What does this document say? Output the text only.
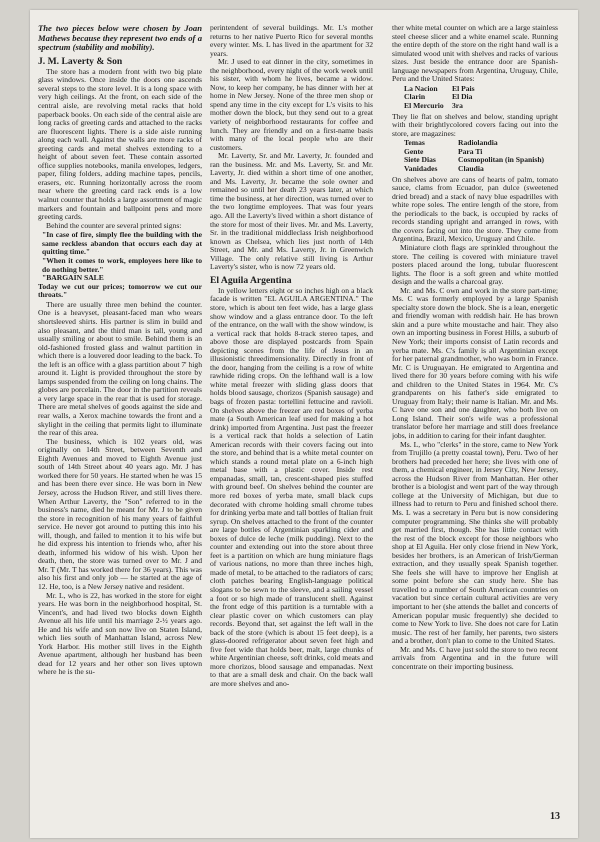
The two pieces below were chosen by Joan Mathews because they represent two ends of a spectrum (stability and mobility).

J. M. Laverty & Son

The store has a modern front with two big plate glass windows. Once inside the doors one ascends several steps to the store level. It is a long space with very high ceilings. At the front, on each side of the central aisle, are revolving metal racks that hold paperback books. On each side of the central aisle are long racks of greeting cards and attached to the racks are fluorescent lights. There is a side aisle running along each wall. Against the walls are more racks of greeting cards and metal shelves extending to a height of about seven feet. These contain assorted office supplies notebooks, manila envelopes, ledgers, paper, filing folders, adding machine tapes, pencils, erasers, etc. Running horizontally across the room near where the greeting card rack ends is a low walnut counter that holds a large assortment of magic markers and fountain and ballpoint pens and more greeting cards.

Behind the counter are several printed signs:

"In case of fire, simply flee the building with the same reckless abandon that occurs each day at quitting time."

"When it comes to work, employees here like to do nothing better."

"BARGAIN SALE

Today we cut our prices; tomorrow we cut our throats."

There are usually three men behind the counter. One is a heavyset, pleasant-faced man who wears shortsleeved shirts. His partner is slim in build and also pleasant, and the third man is tall, young and usually smiling or about to smile. Behind them is an old-fashioned frosted glass and walnut partition in which there is a louvered door leading to the back. To the left is an office with a glass partition about 7' high around it. Light is provided throughout the store by lamps suspended from the ceiling on long chains. The globes are porcelain. The door in the partition reveals a very large space in the rear that is used for storage. There are metal shelves of goods against the side and rear walls, a Xerox machine towards the front and a skylight in the ceiling that permits light to illuminate the rear of this area.

The business, which is 102 years old, was originally on 14th Street, between Seventh and Eighth Avenues and moved to Eighth Avenue just south of 14th Street about 40 years ago. Mr. J has worked there for 50 years. He started when he was 15 and has been there ever since. He was born in New Jersey, across the Hudson River, and still lives there. When Arthur Laverty, the "Son" referred to in the business's name, died he meant for Mr. J to be given the store in recognition of his many years of faithful service. He never got around to putting this into his will, though, and failed to mention it to his wife but he did express his intention to friends who, after his death, informed his widow of his wish. Upon her death, then, the store was turned over to Mr. J and Mr. T (Mr. T has worked there for 36 years). This was also his first and only job — he started at the age of 12. He, too, is a New Jersey native and resident.

Mr. L, who is 22, has worked in the store for eight years. He was born in the neighborhood hospital, St. Vincent's, and had lived two blocks down Eighth Avenue all his life until his marriage 2-½ years ago. He and his wife and son now live on Staten Island, which lies south of Manhattan Island, across New York Harbor. His mother still lives in the Eighth Avenue apartment, although her husband has been dead for 12 years and her other son lives uptown where he is the su-

perintendent of several buildings. Mr. L's mother returns to her native Puerto Rico for several months every winter. Ms. L has lived in the apartment for 32 years.

Mr. J used to eat dinner in the city, sometimes in the neighborhood, every night of the work week until his sister, with whom he lives, became a widow. Now, to keep her company, he has dinner with her at home in New Jersey. None of the three men shop or spend any time in the city except for L's visits to his mother down the block, but they send out to a great variety of neighborhood restaurants for coffee and lunch. They are friendly and on a first-name basis with many of the local people who are their customers.

Mr. Laverty, Sr. and Mr. Laverty, Jr. founded and ran the business. Mr. and Ms. Laverty, Sr. and Mr. Laverty, Jr. died within a short time of one another, and Ms. Laverty, Jr. became the sole owner and remained so until her death 23 years later, at which time the business, at her direction, was turned over to the two longtime employees. That was four years ago. All the Laverty's lived within a short distance of the store for most of their lives. Mr. and Ms. Laverty, Sr. in the traditional middleclass Irish neighborhood known as Chelsea, which lies just north of 14th Street, and Mr. and Ms. Laverty, Jr. in Greenwich Village. The only relative still living is Arthur Laverty's sister, who is now 72 years old.

El Aguila Argentina

In yellow letters eight or so inches high on a black facade is written "EL AGUILA ARGENTINA." The store, which is about ten feet wide, has a large glass show window and a glass entrance door. To the left of the entrance, on the wall with the show window, is a vertical rack that holds 8-track stereo tapes, and above those are displayed postcards from Spain depicting scenes from the life of Jesus in an illusionistic threedimensionality. Directly in front of the door, hanging from the ceiling is a row of white rawhide riding crops. On the lefthand wall is a low white metal freezer with sliding glass doors that holds blood sausage, chorizos (Spanish sausage) and bags of frozen pasta: tortellini fettucine and ravioli. On shelves above the freezer are red boxes of yerba mate (a South American leaf used for making a hot drink) imported from Argentina. Just past the freezer is a vertical rack that holds a selection of Latin American records with their covers facing out into the store, and behind that is a white metal counter on which stands a round metal plate on a 6-inch high metal base with a plastic cover. Inside rest empanadas, small, tan, crescent-shaped pies stuffed with ground beef. On shelves behind the counter are more red boxes of yerba mate, small black cups decorated with chrome holding small chrome tubes for drinking yerba mate and tall bottles of Italian fruit syrup. On shelves attached to the front of the counter are large bottles of Argentinian sparkling cider and boxes of dulce de leche (milk pudding). Next to the counter and extending out into the store about three feet is a partition on which are hung miniature flags of various nations, no more than three inches high, made of metal, to be attached to the radiators of cars; cloth patches bearing English-language political slogans to be sewn to the sleeve, and a sailing vessel a foot or so high made of translucent shell. Against the front edge of this partition is a turntable with a clear plastic cover on which customers can play records. Beyond that, set against the left wall in the back of the store (which is about 15 feet deep), is a glass-doored refrigerator about seven feet high and five feet wide that holds beer, malt, large chunks of white Argentinian cheese, soft drinks, cold meats and more chorizos, blood sausage and empanadas. Next to that are a small desk and chair. On the back wall are more shelves and ano-

ther white metal counter on which are a large stainless steel cheese slicer and a white enamel scale. Running the entire depth of the store on the right hand wall is a simulated wood unit with shelves and racks of various sizes. Just beside the entrance door are Spanish-language newspapers from Argentina, Uruguay, Chile, Peru and the United States:

La Nacion	El Pais
Clarin	El Dia
El Mercurio	3ra

They lie flat on shelves and below, standing upright with their brightlycolored covers facing out into the store, are magazines:

Temas	Radiolandia
Gente	Para Ti
Siete Dias	Cosmopolitan (in Spanish)
Vanidades	Claudia

On shelves above are cans of hearts of palm, tomato sauce, clams from Ecuador, pan dulce (sweetened dried bread) and a stack of navy blue espadrilles with white rope soles. The entire length of the store, from the periodicals to the back, is occupied by racks of records standing upright and arranged in rows, with the covers facing out into the store. They come from Argentina, Brazil, Mexico, Uruguay and Chile.

Miniature cloth flags are sprinkled throughout the store. The ceiling is covered with miniature travel posters placed around the long, tubular fluorescent lights. The floor is a soft green and white mottled design and the walls a charcoal gray.

Mr. and Ms. C own and work in the store part-time; Ms. C was formerly employed by a large Spanish specialty store down the block. She is a lean, energetic and friendly woman with reddish hair. He has brown skin and a pure white moustache and hair. They also own an importing business in Forest Hills, a suburb of New York; their imports consist of Latin records and yerba mate. Ms. C's family is all Argentinian except for her paternal grandmother, who was born in France. Mr. C is Uruguayan. He emigrated to Argentina and lived there for 30 years before coming with his wife and children to the United States in 1964. Mr. C's grandparents on his father's side emigrated to Uruguay from Italy; their name is Italian. Mr. and Ms. C have one son and one daughter, who both live on Long Island. Their son's wife was a professional translator before her marriage and still does freelance jobs, in addition to caring for their infant daughter.

Ms. L, who "clerks" in the store, came to New York from Trujillo (a pretty coastal town), Peru. Two of her brothers had preceded her here; she lives with one of them, a chemical engineer, in Jersey City, New Jersey, across the Hudson River from Manhattan. Her other brother is a biologist and went part of the way through college at the University of Michigan, but due to illness had to return to Peru and finished school there. Ms. L was a secretary in Peru but is now considering computer programming. She thinks she will probably get married first, though. She has little contact with the rest of the block except for those neighbors who shop at El Aguila. Her only close friend in New York, besides her brothers, is an American of Irish/German extraction, and they usually speak Spanish together. She feels she will have to improve her English at some point before she can study here. She has travelled to a number of South American countries on vacation but since certain cultural activities are very important to her (she attends the ballet and concerts of American popular music frequently) she decided to come to New York to live. She does not care for Latin music. The rest of her family, her parents, two sisters and a brother, don't plan to come to the United States.

Mr. and Ms. C have just sold the store to two recent arrivals from Argentina and in the future will concentrate on their importing business.

13
